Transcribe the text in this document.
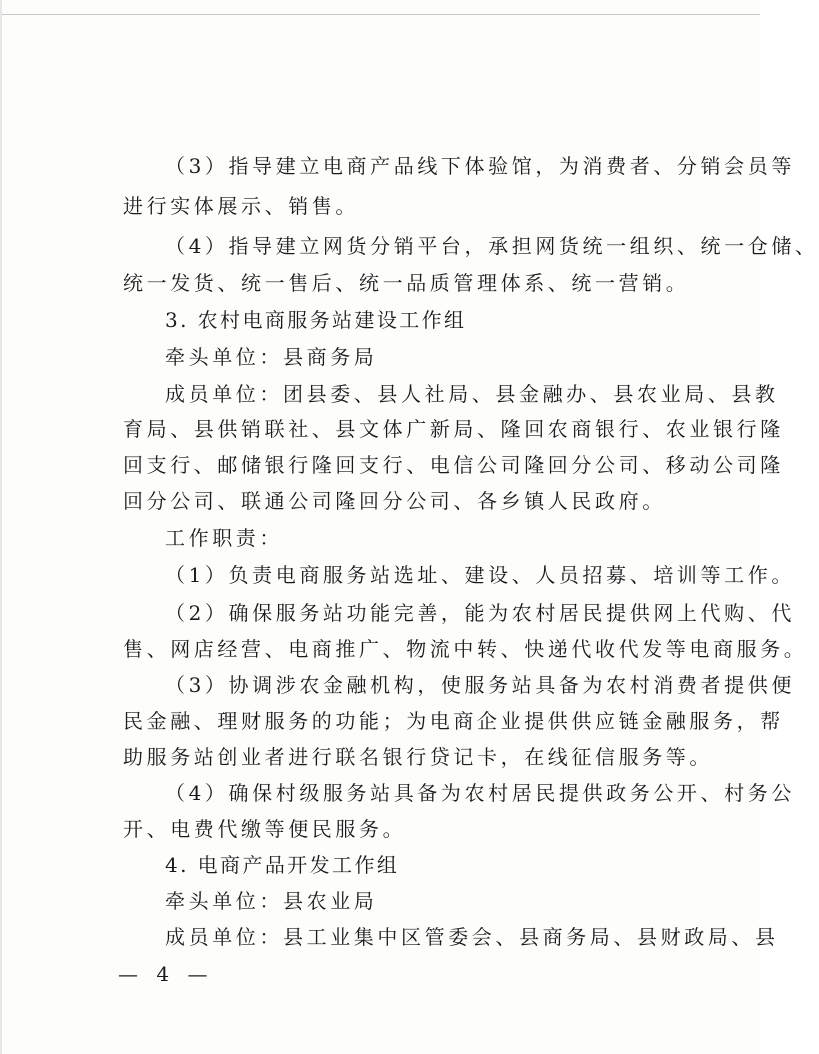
（3）指导建立电商产品线下体验馆，为消费者、分销会员等
进行实体展示、销售。
（4）指导建立网货分销平台，承担网货统一组织、统一仓储、
统一发货、统一售后、统一品质管理体系、统一营销。
3. 农村电商服务站建设工作组
牵头单位：县商务局
成员单位：团县委、县人社局、县金融办、县农业局、县教
育局、县供销联社、县文体广新局、隆回农商银行、农业银行隆
回支行、邮储银行隆回支行、电信公司隆回分公司、移动公司隆
回分公司、联通公司隆回分公司、各乡镇人民政府。
工作职责：
（1）负责电商服务站选址、建设、人员招募、培训等工作。
（2）确保服务站功能完善，能为农村居民提供网上代购、代
售、网店经营、电商推广、物流中转、快递代收代发等电商服务。
（3）协调涉农金融机构，使服务站具备为农村消费者提供便
民金融、理财服务的功能；为电商企业提供供应链金融服务，帮
助服务站创业者进行联名银行贷记卡，在线征信服务等。
（4）确保村级服务站具备为农村居民提供政务公开、村务公
开、电费代缴等便民服务。
4. 电商产品开发工作组
牵头单位：县农业局
成员单位：县工业集中区管委会、县商务局、县财政局、县
— 4 —
